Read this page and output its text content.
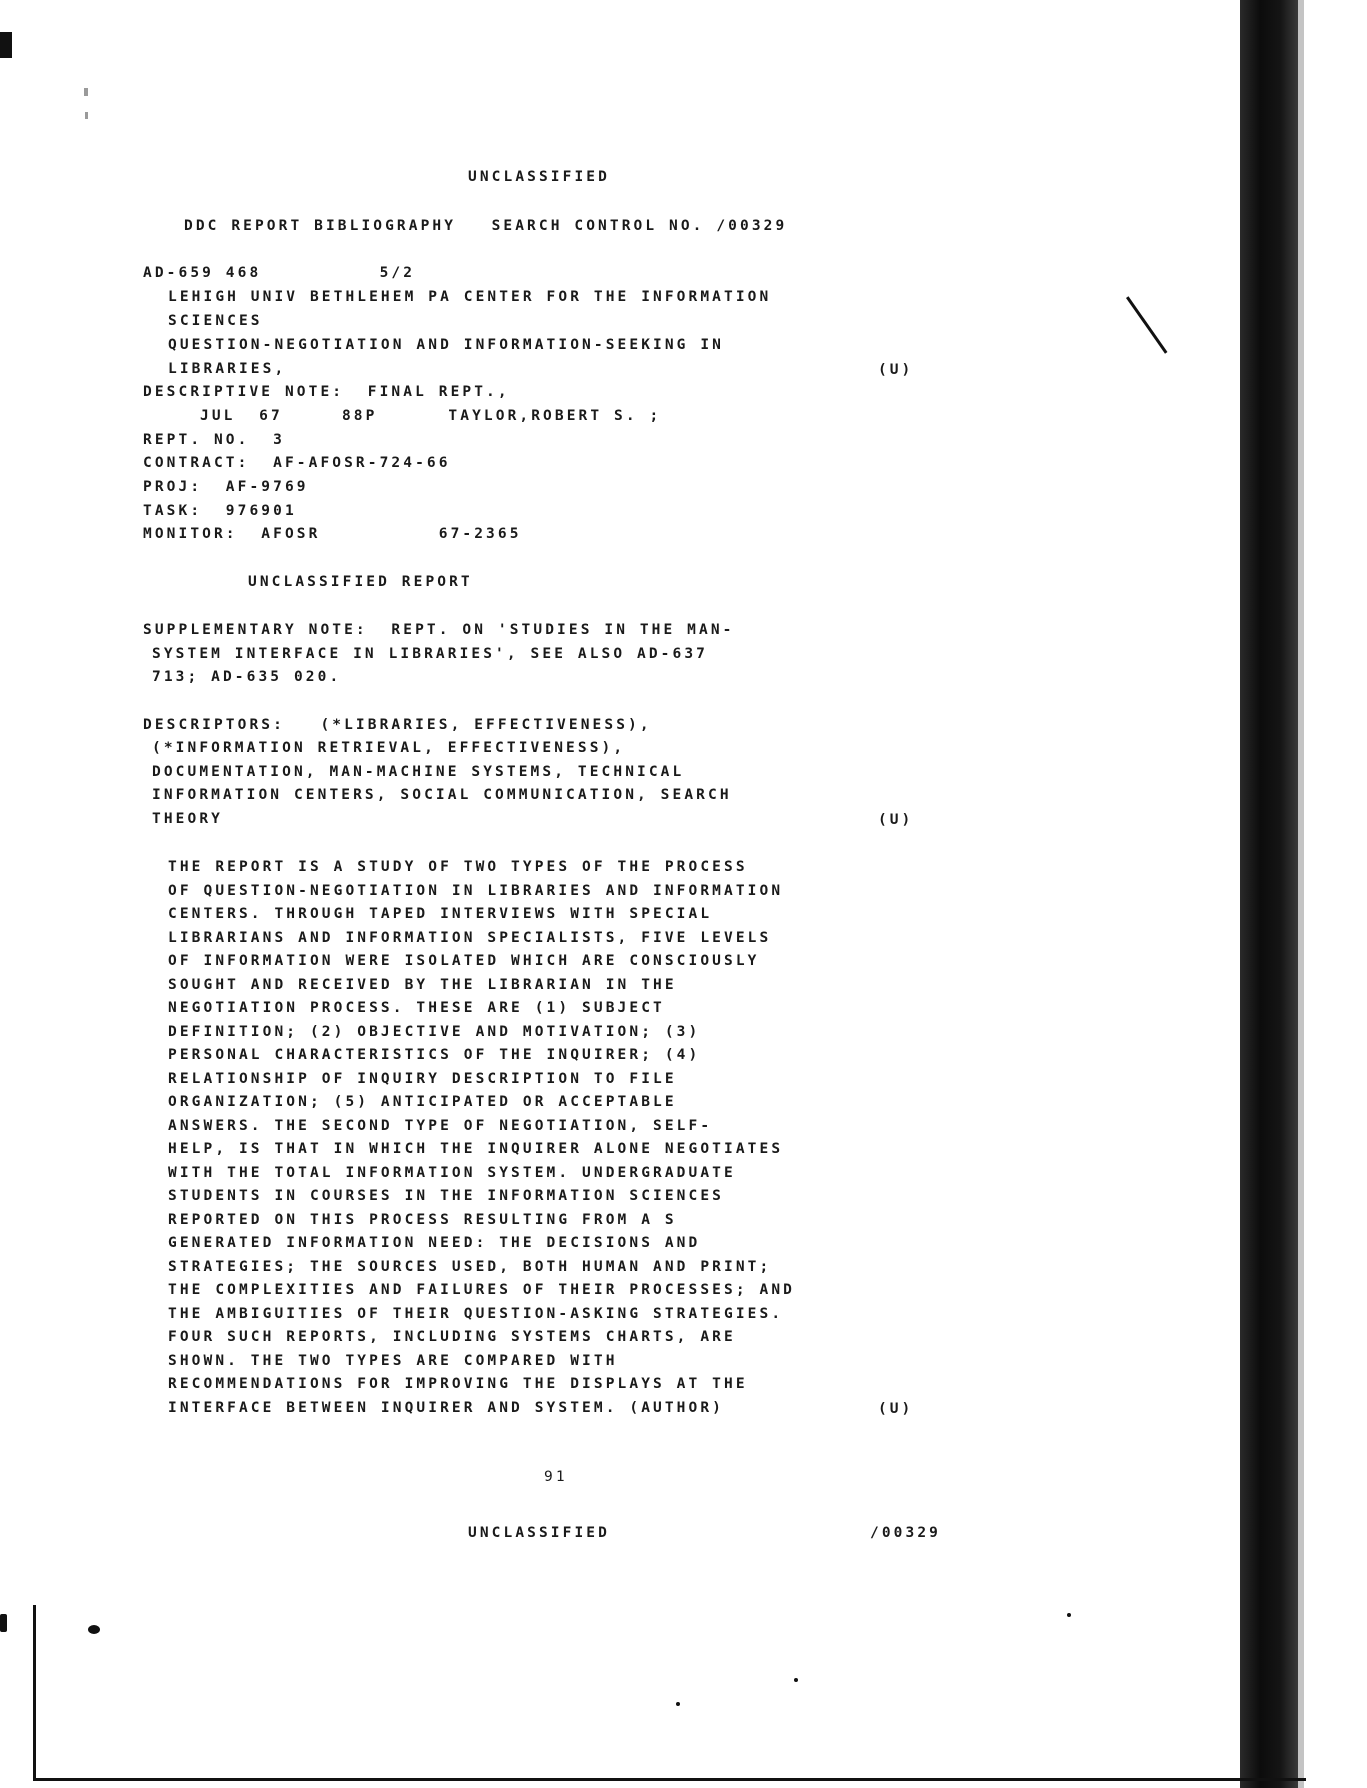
UNCLASSIFIED

DDC REPORT BIBLIOGRAPHY   SEARCH CONTROL NO. /00329

AD-659 468          5/2

LEHIGH UNIV BETHLEHEM PA CENTER FOR THE INFORMATION

SCIENCES

QUESTION-NEGOTIATION AND INFORMATION-SEEKING IN

LIBRARIES,	(U)

DESCRIPTIVE NOTE:  FINAL REPT.,

JUL  67     88P      TAYLOR,ROBERT S. ;

REPT. NO.  3

CONTRACT:  AF-AFOSR-724-66

PROJ:  AF-9769

TASK:  976901

MONITOR:  AFOSR          67-2365

UNCLASSIFIED REPORT

SUPPLEMENTARY NOTE:  REPT. ON 'STUDIES IN THE MAN-

SYSTEM INTERFACE IN LIBRARIES', SEE ALSO AD-637

713; AD-635 020.

DESCRIPTORS:   (*LIBRARIES, EFFECTIVENESS),

(*INFORMATION RETRIEVAL, EFFECTIVENESS),

DOCUMENTATION, MAN-MACHINE SYSTEMS, TECHNICAL

INFORMATION CENTERS, SOCIAL COMMUNICATION, SEARCH

THEORY	(U)

THE REPORT IS A STUDY OF TWO TYPES OF THE PROCESS

OF QUESTION-NEGOTIATION IN LIBRARIES AND INFORMATION

CENTERS. THROUGH TAPED INTERVIEWS WITH SPECIAL

LIBRARIANS AND INFORMATION SPECIALISTS, FIVE LEVELS

OF INFORMATION WERE ISOLATED WHICH ARE CONSCIOUSLY

SOUGHT AND RECEIVED BY THE LIBRARIAN IN THE

NEGOTIATION PROCESS. THESE ARE (1) SUBJECT

DEFINITION; (2) OBJECTIVE AND MOTIVATION; (3)

PERSONAL CHARACTERISTICS OF THE INQUIRER; (4)

RELATIONSHIP OF INQUIRY DESCRIPTION TO FILE

ORGANIZATION; (5) ANTICIPATED OR ACCEPTABLE

ANSWERS. THE SECOND TYPE OF NEGOTIATION, SELF-

HELP, IS THAT IN WHICH THE INQUIRER ALONE NEGOTIATES

WITH THE TOTAL INFORMATION SYSTEM. UNDERGRADUATE

STUDENTS IN COURSES IN THE INFORMATION SCIENCES

REPORTED ON THIS PROCESS RESULTING FROM A S

GENERATED INFORMATION NEED: THE DECISIONS AND

STRATEGIES; THE SOURCES USED, BOTH HUMAN AND PRINT;

THE COMPLEXITIES AND FAILURES OF THEIR PROCESSES; AND

THE AMBIGUITIES OF THEIR QUESTION-ASKING STRATEGIES.

FOUR SUCH REPORTS, INCLUDING SYSTEMS CHARTS, ARE

SHOWN. THE TWO TYPES ARE COMPARED WITH

RECOMMENDATIONS FOR IMPROVING THE DISPLAYS AT THE

INTERFACE BETWEEN INQUIRER AND SYSTEM. (AUTHOR)	(U)

91

UNCLASSIFIED	/00329
